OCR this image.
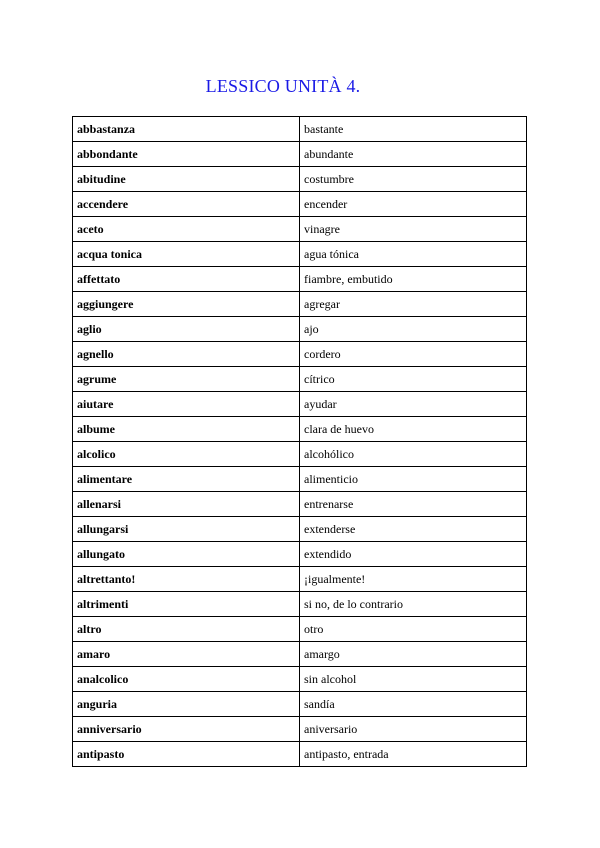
LESSICO UNITÀ 4.
abbastanza	bastante
abbondante	abundante
abitudine	costumbre
accendere	encender
aceto	vinagre
acqua tonica	agua tónica
affettato	fiambre, embutido
aggiungere	agregar
aglio	ajo
agnello	cordero
agrume	cítrico
aiutare	ayudar
albume	clara de huevo
alcolico	alcohólico
alimentare	alimenticio
allenarsi	entrenarse
allungarsi	extenderse
allungato	extendido
altrettanto!	¡igualmente!
altrimenti	si no, de lo contrario
altro	otro
amaro	amargo
analcolico	sin alcohol
anguria	sandía
anniversario	aniversario
antipasto	antipasto, entrada
